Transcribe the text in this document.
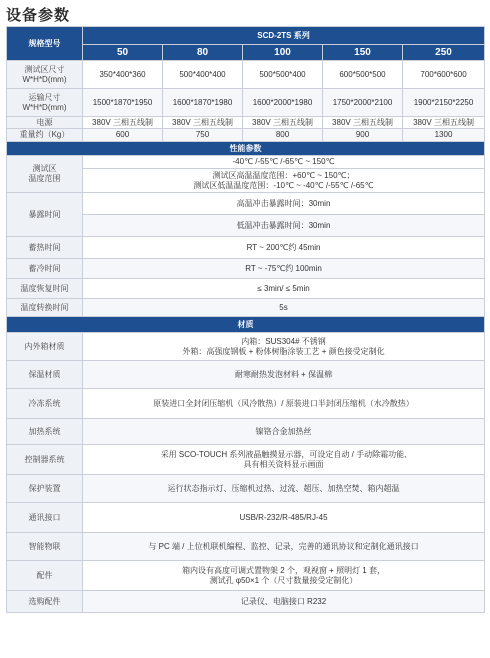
设备参数
规格型号	SCD-2TS 系列				
	50	80	100	150	250

测试区尺寸
W*H*D(mm)	350*400*360	500*400*400	500*500*400	600*500*500	700*600*600

运输尺寸
W*H*D(mm)	1500*1870*1950	1600*1870*1980	1600*2000*1980	1750*2000*2100	1900*2150*2250
电源	380V 三相五线制	380V 三相五线制	380V 三相五线制	380V 三相五线制	380V 三相五线制
重量约（Kg）	600	750	800	900	1300
性能参数					

测试区
温度范围	-40℃ /-55℃ /-65℃ ~ 150℃				

	测试区高温温度范围：+60℃ ~ 150℃；
测试区低温温度范围：-10℃ ~ -40℃ /-55℃ /-65℃				

暴露时间	高温冲击暴露时间：30min				
	低温冲击暴露时间：30min				
蓄热时间	RT ~ 200℃约 45min				
蓄冷时间	RT ~ -75℃约 100min				
温度恢复时间	≤ 3min/ ≤ 5min				
温度转换时间	5s				
材质					
内外箱材质	内箱：SUS304# 不锈钢
外箱：高强度钢板 + 粉体树脂涂装工艺 + 颜色接受定制化				

保温材质	耐寒耐热发泡材料 + 保温棉				

冷冻系统	原装进口全封闭压缩机（风冷散热）/ 原装进口半封闭压缩机（水冷散热）				

加热系统	镍铬合金加热丝				

控制器系统	采用 SCO-TOUCH 系列液晶触摸显示器，可设定自动 / 手动除霜功能,
具有相关资料显示画面				

保护装置	运行状态指示灯、压缩机过热、过流、超压、加热空焚、箱内超温				

通讯接口	USB/R-232/R-485/RJ-45				

智能物联	与 PC 端 / 上位机联机编程、监控、记录，完善的通讯协议和定制化通讯接口				

配件	箱内设有高度可调式置物架 2 个，观视窗 + 照明灯 1 套，
测试孔 φ50×1 个（尺寸数量接受定制化）				

选购配件	记录仪、电脑接口 R232				
